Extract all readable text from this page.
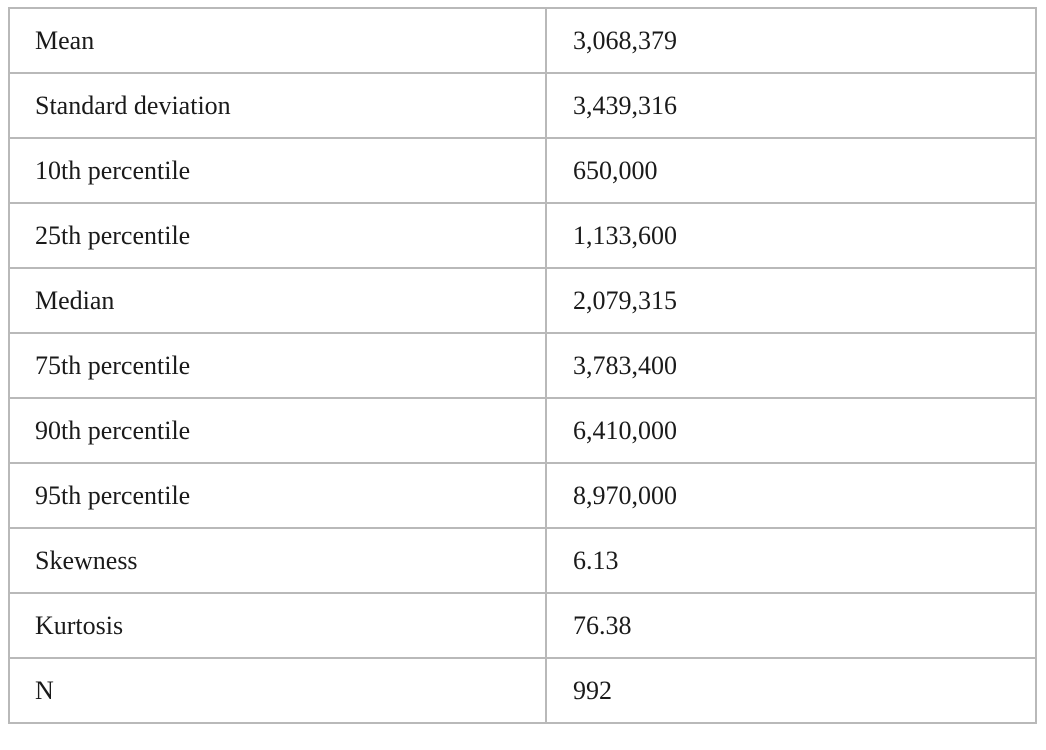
Mean	3,068,379
Standard deviation	3,439,316
10th percentile	650,000
25th percentile	1,133,600
Median	2,079,315
75th percentile	3,783,400
90th percentile	6,410,000
95th percentile	8,970,000
Skewness	6.13
Kurtosis	76.38
N	992
